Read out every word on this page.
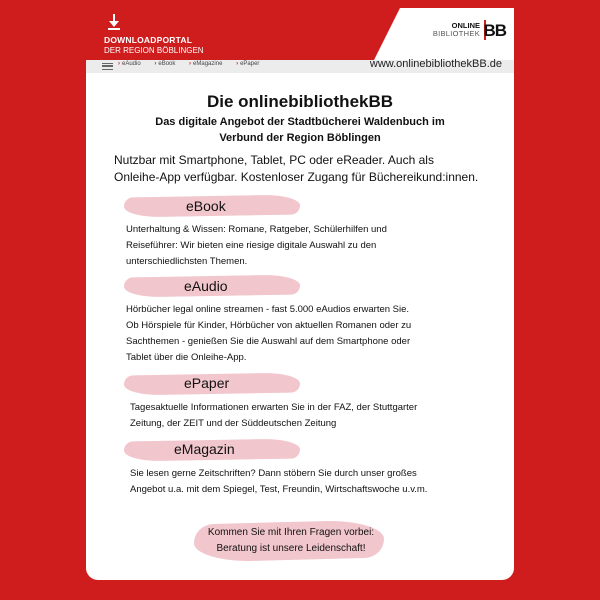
DOWNLOADPORTAL
DER REGION BÖBLINGEN
ONLINE
BIBLIOTHEK BB
› eAudio › eBook › eMagazine › ePaper	www.onlinebibliothekBB.de
Die onlinebibliothekBB
Das digitale Angebot der Stadtbücherei Waldenbuch im
Verbund der Region Böblingen
Nutzbar mit Smartphone, Tablet, PC oder eReader. Auch als
Onleihe-App verfügbar. Kostenloser Zugang für Büchereikund:innen.
eBook
Unterhaltung & Wissen: Romane, Ratgeber, Schülerhilfen und
Reiseführer: Wir bieten eine riesige digitale Auswahl zu den
unterschiedlichsten Themen.
eAudio
Hörbücher legal online streamen - fast 5.000 eAudios erwarten Sie.
Ob Hörspiele für Kinder, Hörbücher von aktuellen Romanen oder zu
Sachthemen - genießen Sie die Auswahl auf dem Smartphone oder
Tablet über die Onleihe-App.
ePaper
Tagesaktuelle Informationen erwarten Sie in der FAZ, der Stuttgarter
Zeitung, der ZEIT und der Süddeutschen Zeitung
eMagazin
Sie lesen gerne Zeitschriften? Dann stöbern Sie durch unser großes
Angebot u.a. mit dem Spiegel, Test, Freundin, Wirtschaftswoche u.v.m.
Kommen Sie mit Ihren Fragen vorbei:
Beratung ist unsere Leidenschaft!
